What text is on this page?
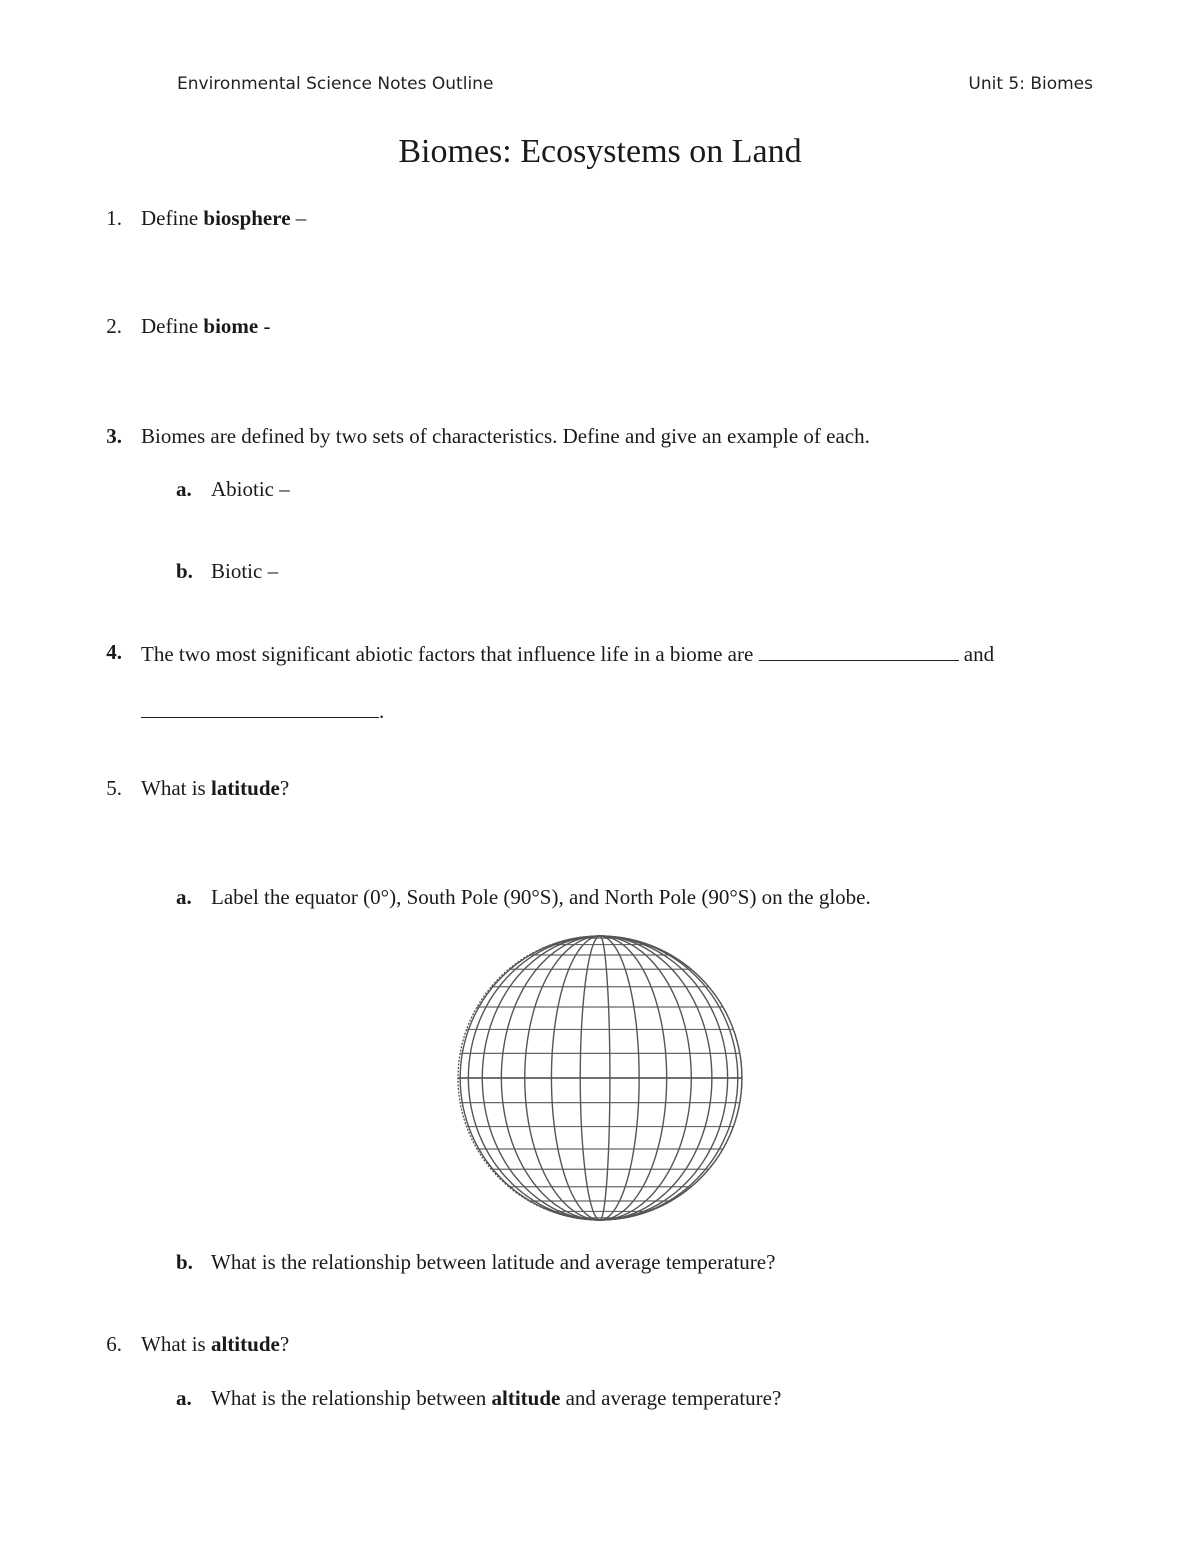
Environmental Science Notes Outline	Unit 5: Biomes
Biomes: Ecosystems on Land
1. Define biosphere –
2. Define biome -
3. Biomes are defined by two sets of characteristics. Define and give an example of each.
a. Abiotic –
b. Biotic –
4. The two most significant abiotic factors that influence life in a biome are	and
.
5. What is latitude?
a. Label the equator (0°), South Pole (90°S), and North Pole (90°S) on the globe.
b. What is the relationship between latitude and average temperature?
6. What is altitude?
a. What is the relationship between altitude and average temperature?
